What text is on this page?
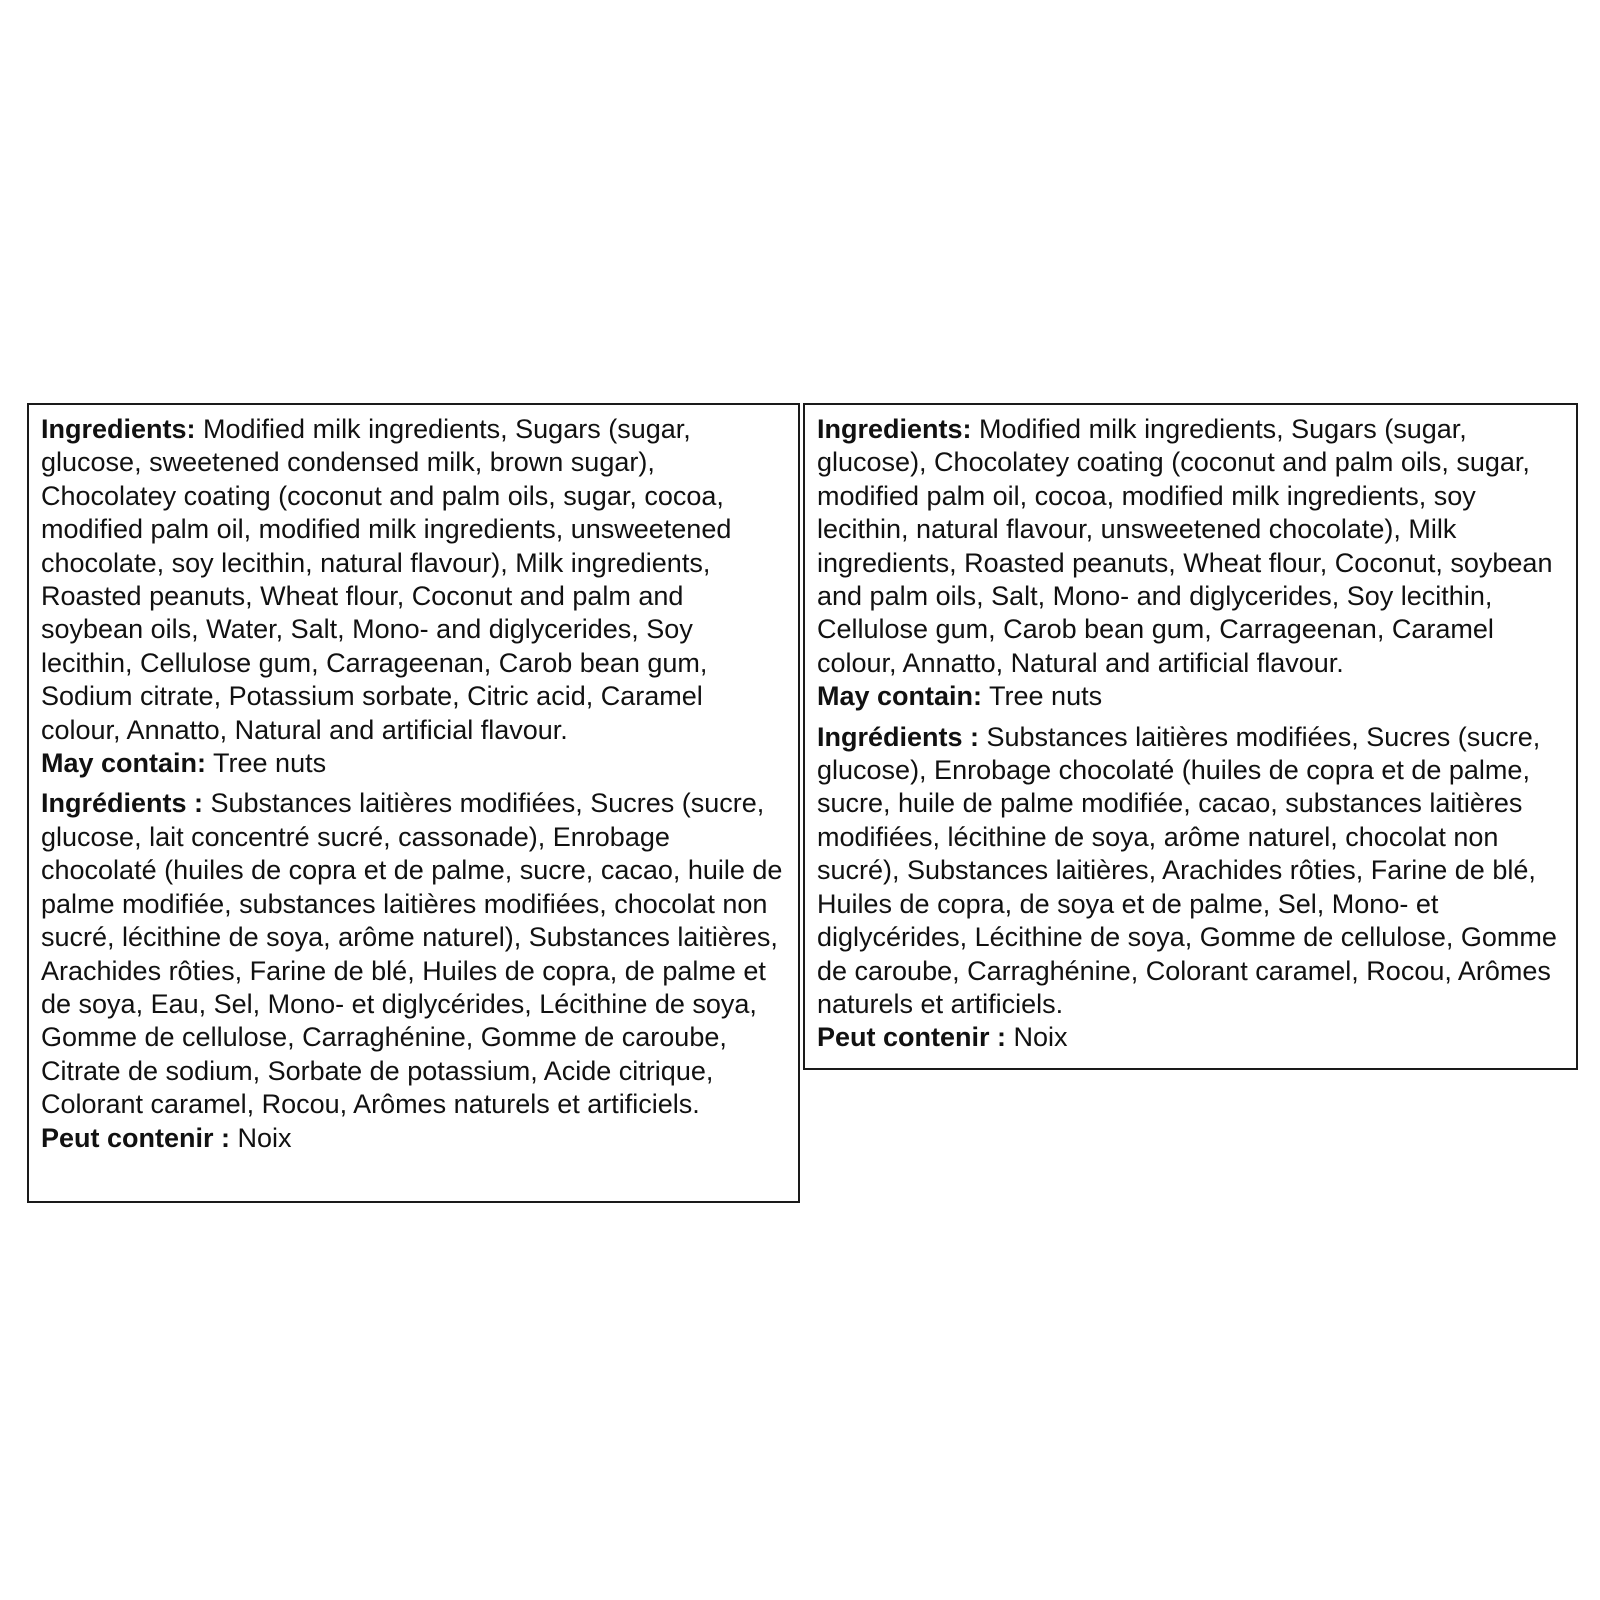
Ingredients: Modified milk ingredients, Sugars (sugar, glucose, sweetened condensed milk, brown sugar), Chocolatey coating (coconut and palm oils, sugar, cocoa, modified palm oil, modified milk ingredients, unsweetened chocolate, soy lecithin, natural flavour), Milk ingredients, Roasted peanuts, Wheat flour, Coconut and palm and soybean oils, Water, Salt, Mono- and diglycerides, Soy lecithin, Cellulose gum, Carrageenan, Carob bean gum, Sodium citrate, Potassium sorbate, Citric acid, Caramel colour, Annatto, Natural and artificial flavour.

May contain: Tree nuts

Ingrédients : Substances laitières modifiées, Sucres (sucre, glucose, lait concentré sucré, cassonade), Enrobage chocolaté (huiles de copra et de palme, sucre, cacao, huile de palme modifiée, substances laitières modifiées, chocolat non sucré, lécithine de soya, arôme naturel), Substances laitières, Arachides rôties, Farine de blé, Huiles de copra, de palme et de soya, Eau, Sel, Mono- et diglycérides, Lécithine de soya, Gomme de cellulose, Carraghénine, Gomme de caroube, Citrate de sodium, Sorbate de potassium, Acide citrique, Colorant caramel, Rocou, Arômes naturels et artificiels.

Peut contenir : Noix

Ingredients: Modified milk ingredients, Sugars (sugar, glucose), Chocolatey coating (coconut and palm oils, sugar, modified palm oil, cocoa, modified milk ingredients, soy lecithin, natural flavour, unsweetened chocolate), Milk ingredients, Roasted peanuts, Wheat flour, Coconut, soybean and palm oils, Salt, Mono- and diglycerides, Soy lecithin, Cellulose gum, Carob bean gum, Carrageenan, Caramel colour, Annatto, Natural and artificial flavour.

May contain: Tree nuts

Ingrédients : Substances laitières modifiées, Sucres (sucre, glucose), Enrobage chocolaté (huiles de copra et de palme, sucre, huile de palme modifiée, cacao, substances laitières modifiées, lécithine de soya, arôme naturel, chocolat non sucré), Substances laitières, Arachides rôties, Farine de blé, Huiles de copra, de soya et de palme, Sel, Mono- et diglycérides, Lécithine de soya, Gomme de cellulose, Gomme de caroube, Carraghénine, Colorant caramel, Rocou, Arômes naturels et artificiels.

Peut contenir : Noix
